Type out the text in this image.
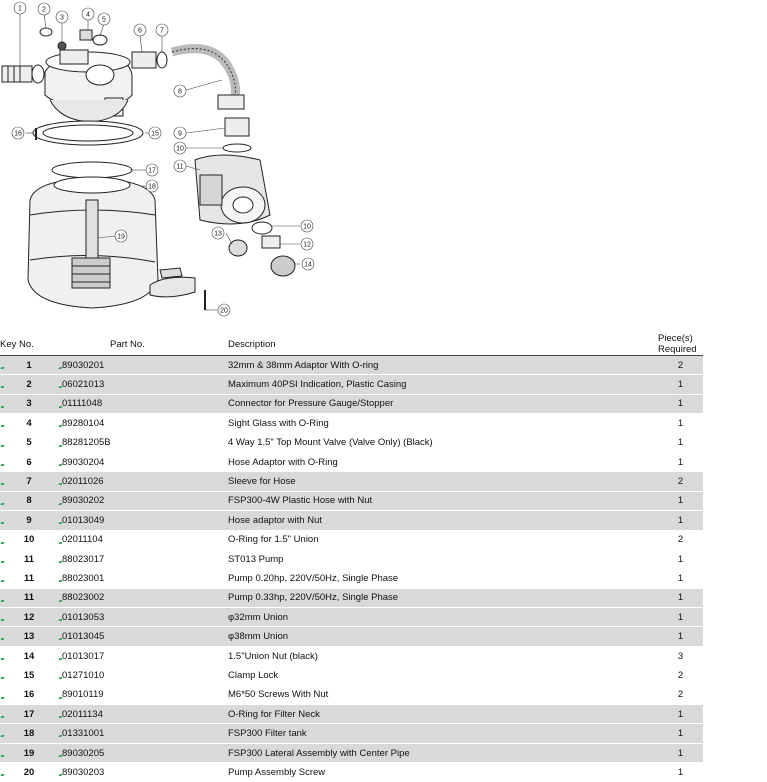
1	2
3	4
5
6	7
8
9
10
11
16	15
17
18
19
10
12
13
14
20
Key No.	Part No.	Description	Piece(s) Required

1	89030201	32mm & 38mm Adaptor With O-ring	2

2	06021013	Maximum 40PSI Indication, Plastic Casing	1

3	01111048	Connector for Pressure Gauge/Stopper	1

4	89280104	Sight Glass with O-Ring	1

5	88281205B	4 Way 1.5" Top Mount Valve (Valve Only) (Black)	1

6	89030204	Hose Adaptor with O-Ring	1

7	02011026	Sleeve for Hose	2

8	89030202	FSP300-4W Plastic Hose with Nut	1

9	01013049	Hose adaptor with Nut	1

10	02011104	O-Ring for 1.5" Union	2

11	88023017	ST013 Pump	1

11	88023001	Pump 0.20hp, 220V/50Hz, Single Phase	1

11	88023002	Pump 0.33hp, 220V/50Hz, Single Phase	1

12	01013053	φ32mm Union	1

13	01013045	φ38mm Union	1

14	01013017	1.5"Union Nut (black)	3

15	01271010	Clamp Lock	2

16	89010119	M6*50 Screws With Nut	2

17	02011134	O-Ring for Filter Neck	1

18	01331001	FSP300 Filter tank	1

19	89030205	FSP300 Lateral Assembly with Center Pipe	1

20	89030203	Pump Assembly Screw	1
